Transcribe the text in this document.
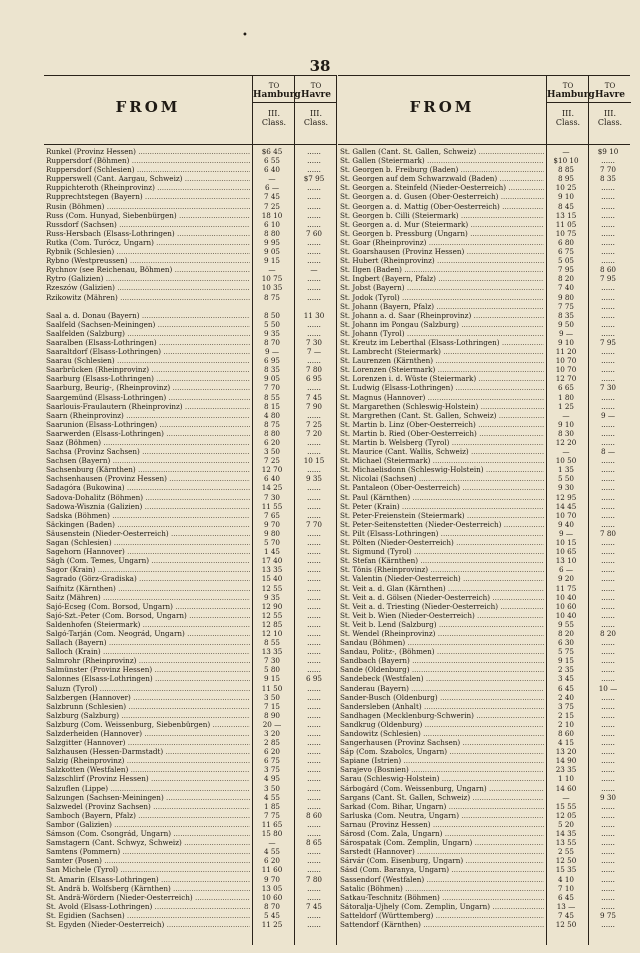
•
38
FROM
TO
Hamburg
III.
Class.
TO
Havre
III.
Class.
Runkel (Provinz Hessen) .....	$6 45	......
Ruppersdorf (Böhmen) .....	6 55	......
Ruppersdorf (Schlesien) .....	6 40	......
Rupperswell (Cant. Aargau, Schweiz) .....	—	$7 95
Ruppichteroth (Rheinprovinz) .....	6 —	......
Rupprechtstegen (Bayern) .....	7 45	......
Rusin (Böhmen) .....	7 25	......
Russ (Com. Hunyad, Siebenbürgen) .....	18 10	......
Russdorf (Sachsen) .....	6 10	......
Russ-Hersbach (Elsass-Lothringen) .....	8 80	7 60
Rutka (Com. Turócz, Ungarn) .....	9 95	......
Rybnik (Schlesien) .....	9 05	......
Rybno (Westpreussen) .....	9 15	......
Rychnov (see Reichenau, Böhmen) .....	—	—
Rytro (Galizien) .....	10 75	......
Rzeszów (Galizien) .....	10 35	......
Rzikowitz (Mähren) .....	8 75	......
Saal a. d. Donau (Bayern) .....	8 50	11 30
Saalfeld (Sachsen-Meiningen) .....	5 50	......
Saalfelden (Salzburg) .....	9 35	......
Saaralben (Elsass-Lothringen) .....	8 70	7 30
Saaraltdorf (Elsass-Lothringen) .....	9 —	7 —
Saarau (Schlesien) .....	6 95	......
Saarbrücken (Rheinprovinz) .....	8 35	7 80
Saarburg (Elsass-Lothringen) .....	9 05	6 95
Saarburg, Beurig-, (Rheinprovinz) .....	7 70	......
Saargemünd (Elsass-Lothringen) .....	8 55	7 45
Saarlouis-Fraulautern (Rheinprovinz) .....	8 15	7 90
Saarn (Rheinprovinz) .....	4 80	......
Saarunion (Elsass-Lothringen) .....	8 75	7 25
Saarwerden (Elsass-Lothringen) .....	8 80	7 20
Saaz (Böhmen) .....	6 20	......
Sachsa (Provinz Sachsen) .....	3 50	......
Sachsen (Bayern) .....	7 25	10 15
Sachsenburg (Kärnthen) .....	12 70	......
Sachsenhausen (Provinz Hessen) .....	6 40	9 35
Sadagóra (Bukowina) .....	14 25	......
Sadova-Dohalitz (Böhmen) .....	7 30	......
Sadowa-Wisznia (Galizien) .....	11 55	......
Sadska (Böhmen) .....	7 65	......
Säckingen (Baden) .....	9 70	7 70
Säusenstein (Nieder-Oesterreich) .....	9 80	......
Sagan (Schlesien) .....	5 70	......
Sagehorn (Hannover) .....	1 45	......
Sägh (Com. Temes, Ungarn) .....	17 40	......
Sagor (Krain) .....	13 35	......
Sagrado (Görz-Gradiska) .....	15 40	......
Saifnitz (Kärnthen) .....	12 55	......
Saitz (Mähren) .....	9 35	......
Sajó-Ecseg (Com. Borsod, Ungarn) .....	12 90	......
Sajó-Szt.-Peter (Com. Borsod, Ungarn) .....	12 55	......
Saldenhofen (Steiermark) .....	12 85	......
Salgó-Tarján (Com. Neográd, Ungarn) .....	12 10	......
Sallach (Bayern) .....	8 55	......
Salloch (Krain) .....	13 35	......
Salmrohr (Rheinprovinz) .....	7 30	......
Salmünster (Provinz Hessen) .....	5 80	......
Salonnes (Elsass-Lothringen) .....	9 15	6 95
Saluzn (Tyrol) .....	11 50	......
Salzbergen (Hannover) .....	3 50	......
Salzbrunn (Schlesien) .....	7 15	......
Salzburg (Salzburg) .....	8 90	......
Salzburg (Com. Weissenburg, Siebenbürgen) .....	20 —	......
Salzderheiden (Hannover) .....	3 20	......
Salzgitter (Hannover) .....	2 85	......
Salzhausen (Hessen-Darmstadt) .....	6 20	......
Salzig (Rheinprovinz) .....	6 75	......
Salzkotten (Westfalen) .....	3 75	......
Salzschlirf (Provinz Hessen) .....	4 95	......
Salzuflen (Lippe) .....	3 50	......
Salzungen (Sachsen-Meiningen) .....	4 55	......
Salzwedel (Provinz Sachsen) .....	1 85	......
Samboch (Bayern, Pfalz) .....	7 75	8 60
Sambor (Galizien) .....	11 65	......
Sámson (Com. Csongrád, Ungarn) .....	15 80	......
Samstagern (Cant. Schwyz, Schweiz) .....	—	8 65
Samtens (Pommern) .....	4 55	......
Samter (Posen) .....	6 20	......
San Michele (Tyrol) .....	11 60	......
St. Amarin (Elsass-Lothringen) .....	9 70	7 80
St. Andrä b. Wolfsberg (Kärnthen) .....	13 05	......
St. Andrä-Wördern (Nieder-Oesterreich) .....	10 60	......
St. Avold (Elsass-Lothringen) .....	8 70	7 45
St. Egidien (Sachsen) .....	5 45	......
St. Egyden (Nieder-Oesterreich) .....	11 25	......
FROM
TO
Hamburg
III.
Class.
TO
Havre
III.
Class.
St. Gallen (Cant. St. Gallen, Schweiz) .....	—	$9 10
St. Gallen (Steiermark) .....	$10 10	......
St. Georgen b. Freiburg (Baden) .....	8 85	7 70
St. Georgen auf dem Schwarzwald (Baden) .....	8 95	8 35
St. Georgen a. Steinfeld (Nieder-Oesterreich) .....	10 25	......
St. Georgen a. d. Gusen (Ober-Oesterreich) .....	9 10	......
St. Georgen a. d. Mattig (Ober-Oesterreich) .....	8 45	......
St. Georgen b. Cilli (Steiermark) .....	13 15	......
St. Georgen a. d. Mur (Steiermark) .....	11 05	......
St. Georgen b. Pressburg (Ungarn) .....	10 75	......
St. Goar (Rheinprovinz) .....	6 80	......
St. Goarshausen (Provinz Hessen) .....	6 75	......
St. Hubert (Rheinprovinz) .....	5 05	......
St. Ilgen (Baden) .....	7 95	8 60
St. Ingbert (Bayern, Pfalz) .....	8 20	7 95
St. Jobst (Bayern) .....	7 40	......
St. Jodok (Tyrol) .....	9 80	......
St. Johann (Bayern, Pfalz) .....	7 75	......
St. Johann a. d. Saar (Rheinprovinz) .....	8 35	......
St. Johann im Pongau (Salzburg) .....	9 50	......
St. Johann (Tyrol) .....	9 —	......
St. Kreutz im Leberthal (Elsass-Lothringen) .....	9 10	7 95
St. Lambrecht (Steiermark) .....	11 20	......
St. Laurenzen (Kärnthen) .....	10 70	......
St. Lorenzen (Steiermark) .....	10 70	......
St. Lorenzen i. d. Wüste (Steiermark) .....	12 70	......
St. Ludwig (Elsass-Lothringen) .....	6 65	7 30
St. Magnus (Hannover) .....	1 80	......
St. Margarethen (Schleswig-Holstein) .....	1 25	......
St. Margrethen (Cant. St. Gallen, Schweiz) .....	—	9 —
St. Martin b. Linz (Ober-Oesterreich) .....	9 10	......
St. Martin b. Ried (Ober-Oesterreich) .....	8 30	......
St. Martin b. Welsberg (Tyrol) .....	12 20	......
St. Maurice (Cant. Wallis, Schweiz) .....	—	8 —
St. Michael (Steiermark) .....	10 50	......
St. Michaelisdonn (Schleswig-Holstein) .....	1 35	......
St. Nicolai (Sachsen) .....	5 50	......
St. Pantaleon (Ober-Oesterreich) .....	9 30	......
St. Paul (Kärnthen) .....	12 95	......
St. Peter (Krain) .....	14 45	......
St. Peter-Freienstein (Steiermark) .....	10 70	......
St. Peter-Seitenstetten (Nieder-Oesterreich) .....	9 40	......
St. Pilt (Elsass-Lothringen) .....	9 —	7 80
St. Pölten (Nieder-Oesterreich) .....	10 15	......
St. Sigmund (Tyrol) .....	10 65	......
St. Stefan (Kärnthen) .....	13 10	......
St. Tönis (Rheinprovinz) .....	6 —	......
St. Valentin (Nieder-Oesterreich) .....	9 20	......
St. Veit a. d. Glan (Kärnthen) .....	11 75	......
St. Veit a. d. Gölsen (Nieder-Oesterreich) .....	10 40	......
St. Veit a. d. Triesting (Nieder-Oesterreich) .....	10 60	......
St. Veit b. Wien (Nieder-Oesterreich) .....	10 40	......
St. Veit b. Lend (Salzburg) .....	9 55	......
St. Wendel (Rheinprovinz) .....	8 20	8 20
Sandau (Böhmen) .....	6 30	......
Sandau, Politz-, (Böhmen) .....	5 75	......
Sandbach (Bayern) .....	9 15	......
Sande (Oldenburg) .....	2 35	......
Sandebeck (Westfalen) .....	3 45	......
Sanderau (Bayern) .....	6 45	10 —
Sander-Busch (Oldenburg) .....	2 40	......
Sandersleben (Anhalt) .....	3 75	......
Sandhagen (Mecklenburg-Schwerin) .....	2 15	......
Sandkrug (Oldenburg) .....	2 10	......
Sandowitz (Schlesien) .....	8 60	......
Sangerhausen (Provinz Sachsen) .....	4 15	......
Sáp (Com. Szabolcs, Ungarn) .....	13 20	......
Sapiane (Istrien) .....	14 90	......
Sarajevo (Bosnien) .....	23 35	......
Sarau (Schleswig-Holstein) .....	1 10	......
Sárbogárd (Com. Weissenburg, Ungarn) .....	14 60	......
Sargans (Cant. St. Gallen, Schweiz) .....	—	9 30
Sarkad (Com. Bihar, Ungarn) .....	15 55	......
Sarluska (Com. Neutra, Ungarn) .....	12 05	......
Sarnau (Provinz Hessen) .....	5 20	......
Sárosd (Com. Zala, Ungarn) .....	14 35	......
Sárospatak (Com. Zemplin, Ungarn) .....	13 55	......
Sarstedt (Hannover) .....	2 55	......
Sárvár (Com. Eisenburg, Ungarn) .....	12 50	......
Sásd (Com. Baranya, Ungarn) .....	15 35	......
Sassendorf (Westfalen) .....	4 10	......
Satalic (Böhmen) .....	7 10	......
Satkau-Teschnitz (Böhmen) .....	6 45	......
Sátoralja-Ujhely (Com. Zemplin, Ungarn) .....	13 —	......
Satteldorf (Württemberg) .....	7 45	9 75
Sattendorf (Kärnthen) .....	12 50	......
